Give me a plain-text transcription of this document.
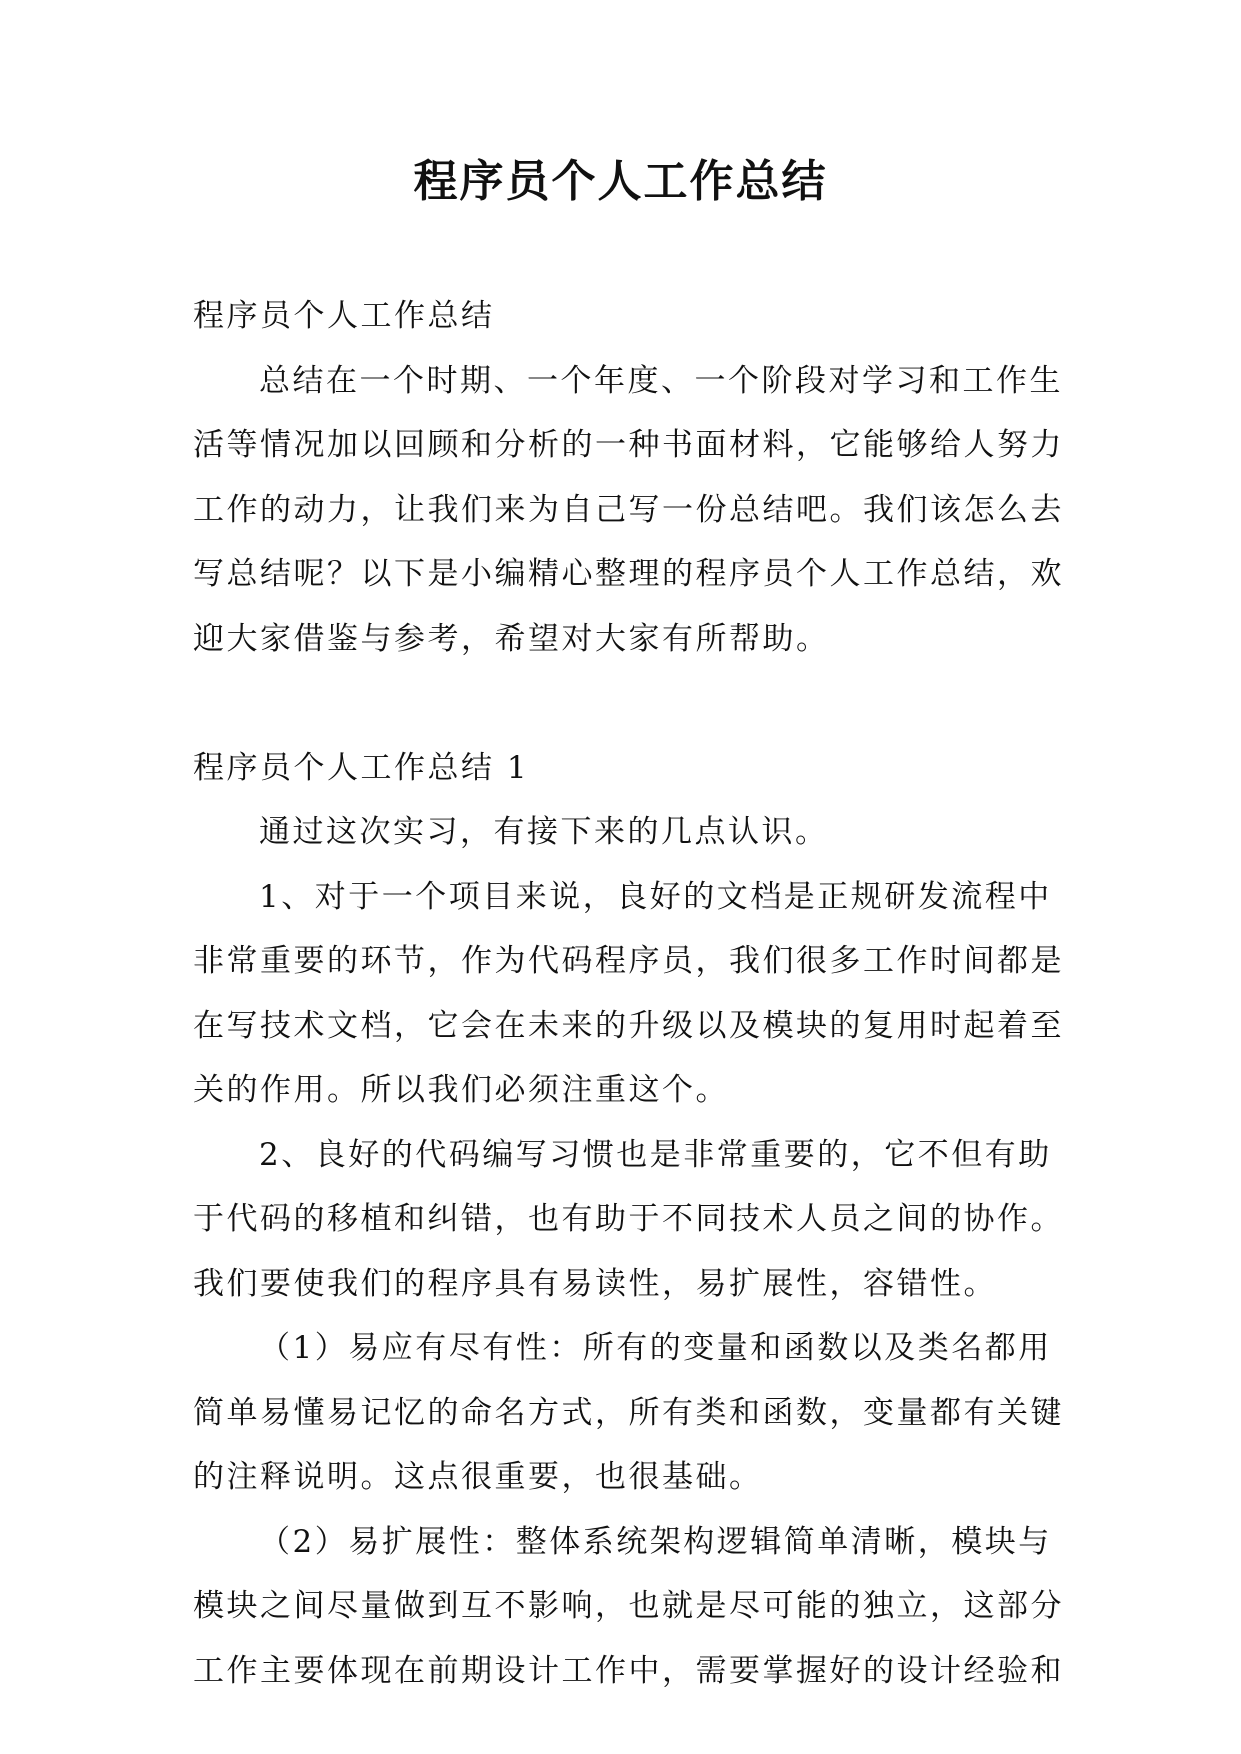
程序员个人工作总结
程序员个人工作总结
总结在一个时期、一个年度、一个阶段对学习和工作生
活等情况加以回顾和分析的一种书面材料，它能够给人努力
工作的动力，让我们来为自己写一份总结吧。我们该怎么去
写总结呢？以下是小编精心整理的程序员个人工作总结，欢
迎大家借鉴与参考，希望对大家有所帮助。
程序员个人工作总结 1
通过这次实习，有接下来的几点认识。
1、对于一个项目来说，良好的文档是正规研发流程中
非常重要的环节，作为代码程序员，我们很多工作时间都是
在写技术文档，它会在未来的升级以及模块的复用时起着至
关的作用。所以我们必须注重这个。
2、良好的代码编写习惯也是非常重要的，它不但有助
于代码的移植和纠错，也有助于不同技术人员之间的协作。
我们要使我们的程序具有易读性，易扩展性，容错性。
（1）易应有尽有性：所有的变量和函数以及类名都用
简单易懂易记忆的命名方式，所有类和函数，变量都有关键
的注释说明。这点很重要，也很基础。
（2）易扩展性：整体系统架构逻辑简单清晰，模块与
模块之间尽量做到互不影响，也就是尽可能的独立，这部分
工作主要体现在前期设计工作中，需要掌握好的设计经验和
